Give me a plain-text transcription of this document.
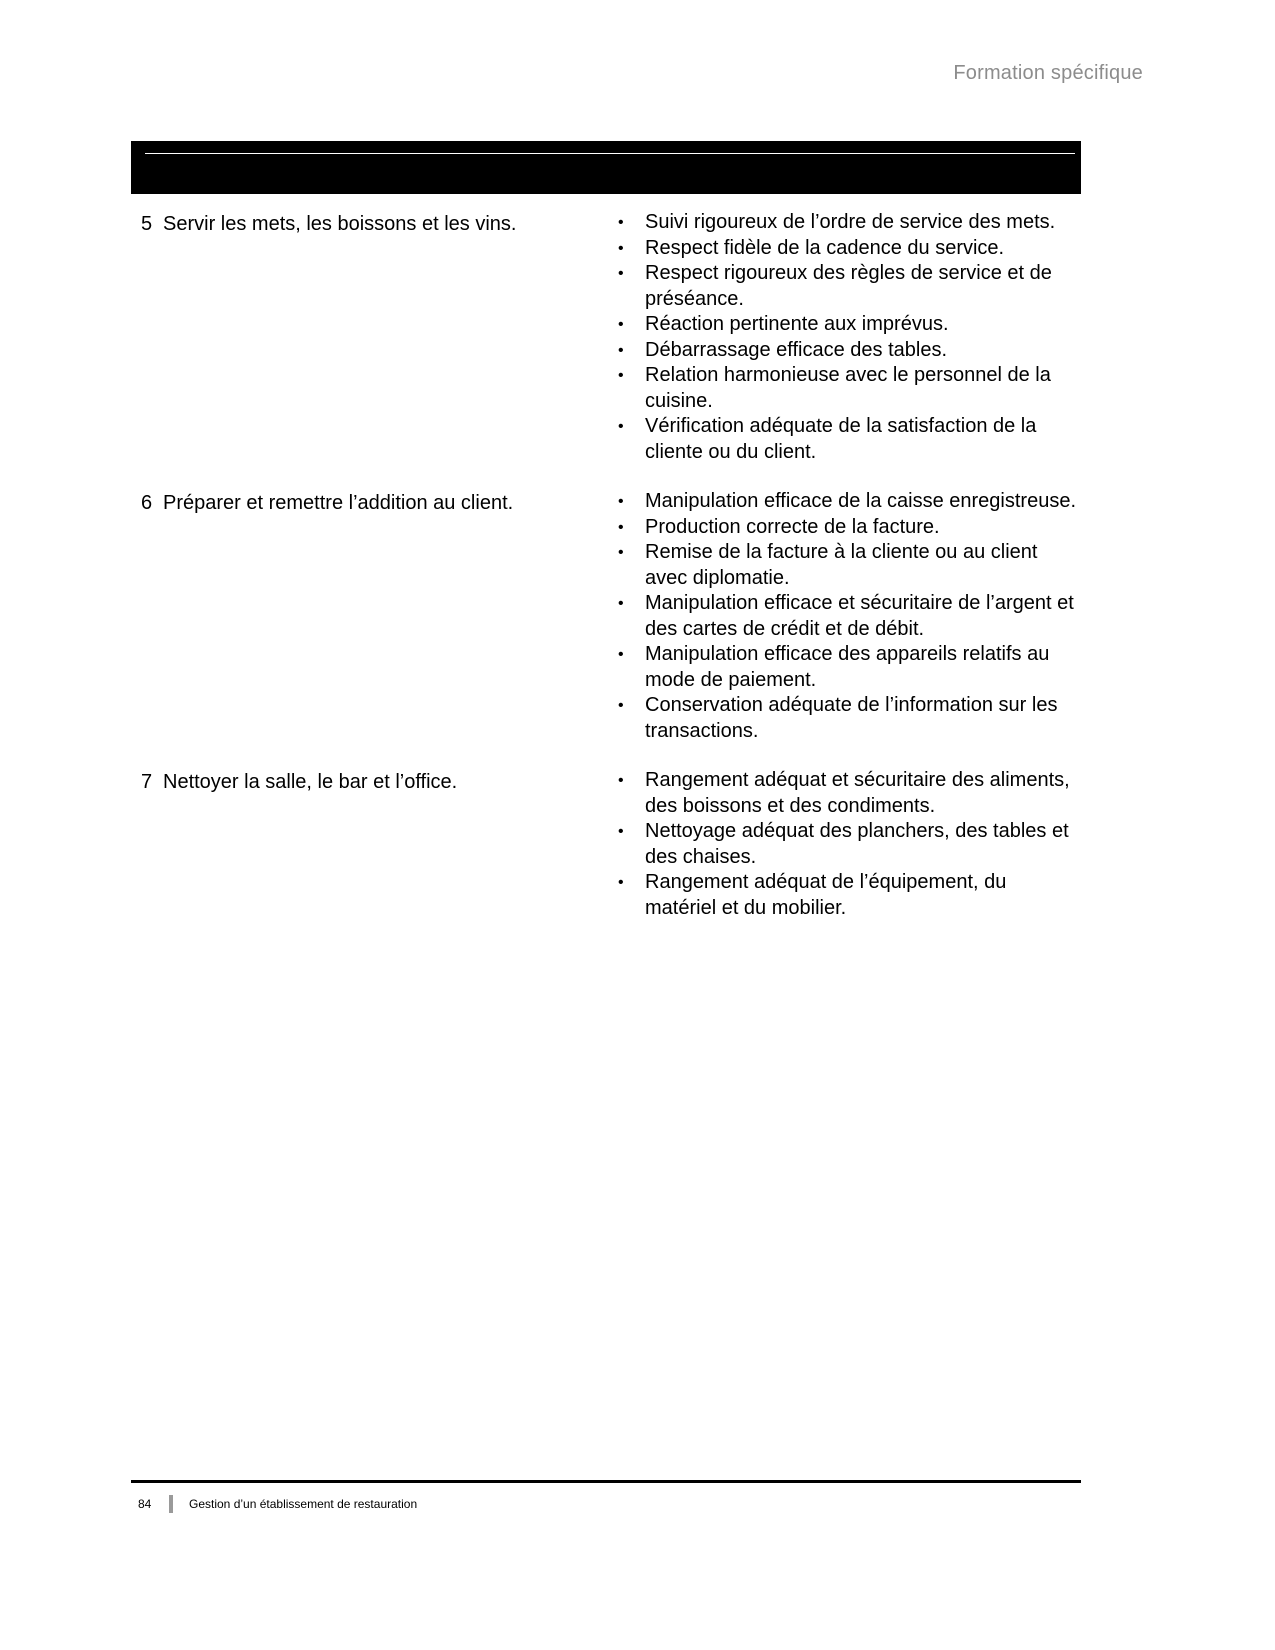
Formation spécifique
Code : 048A
5 Servir les mets, les boissons et les vins.	• Suivi rigoureux de l’ordre de service des mets.
• Respect fidèle de la cadence du service.
• Respect rigoureux des règles de service et de préséance.
• Réaction pertinente aux imprévus.
• Débarrassage efficace des tables.
• Relation harmonieuse avec le personnel de la cuisine.
• Vérification adéquate de la satisfaction de la cliente ou du client.
6 Préparer et remettre l’addition au client.	• Manipulation efficace de la caisse enregistreuse.
• Production correcte de la facture.
• Remise de la facture à la cliente ou au client avec diplomatie.
• Manipulation efficace et sécuritaire de l’argent et des cartes de crédit et de débit.
• Manipulation efficace des appareils relatifs au mode de paiement.
• Conservation adéquate de l’information sur les transactions.
7 Nettoyer la salle, le bar et l’office.	• Rangement adéquat et sécuritaire des aliments, des boissons et des condiments.
• Nettoyage adéquat des planchers, des tables et des chaises.
• Rangement adéquat de l’équipement, du matériel et du mobilier.
84	Gestion d’un établissement de restauration
